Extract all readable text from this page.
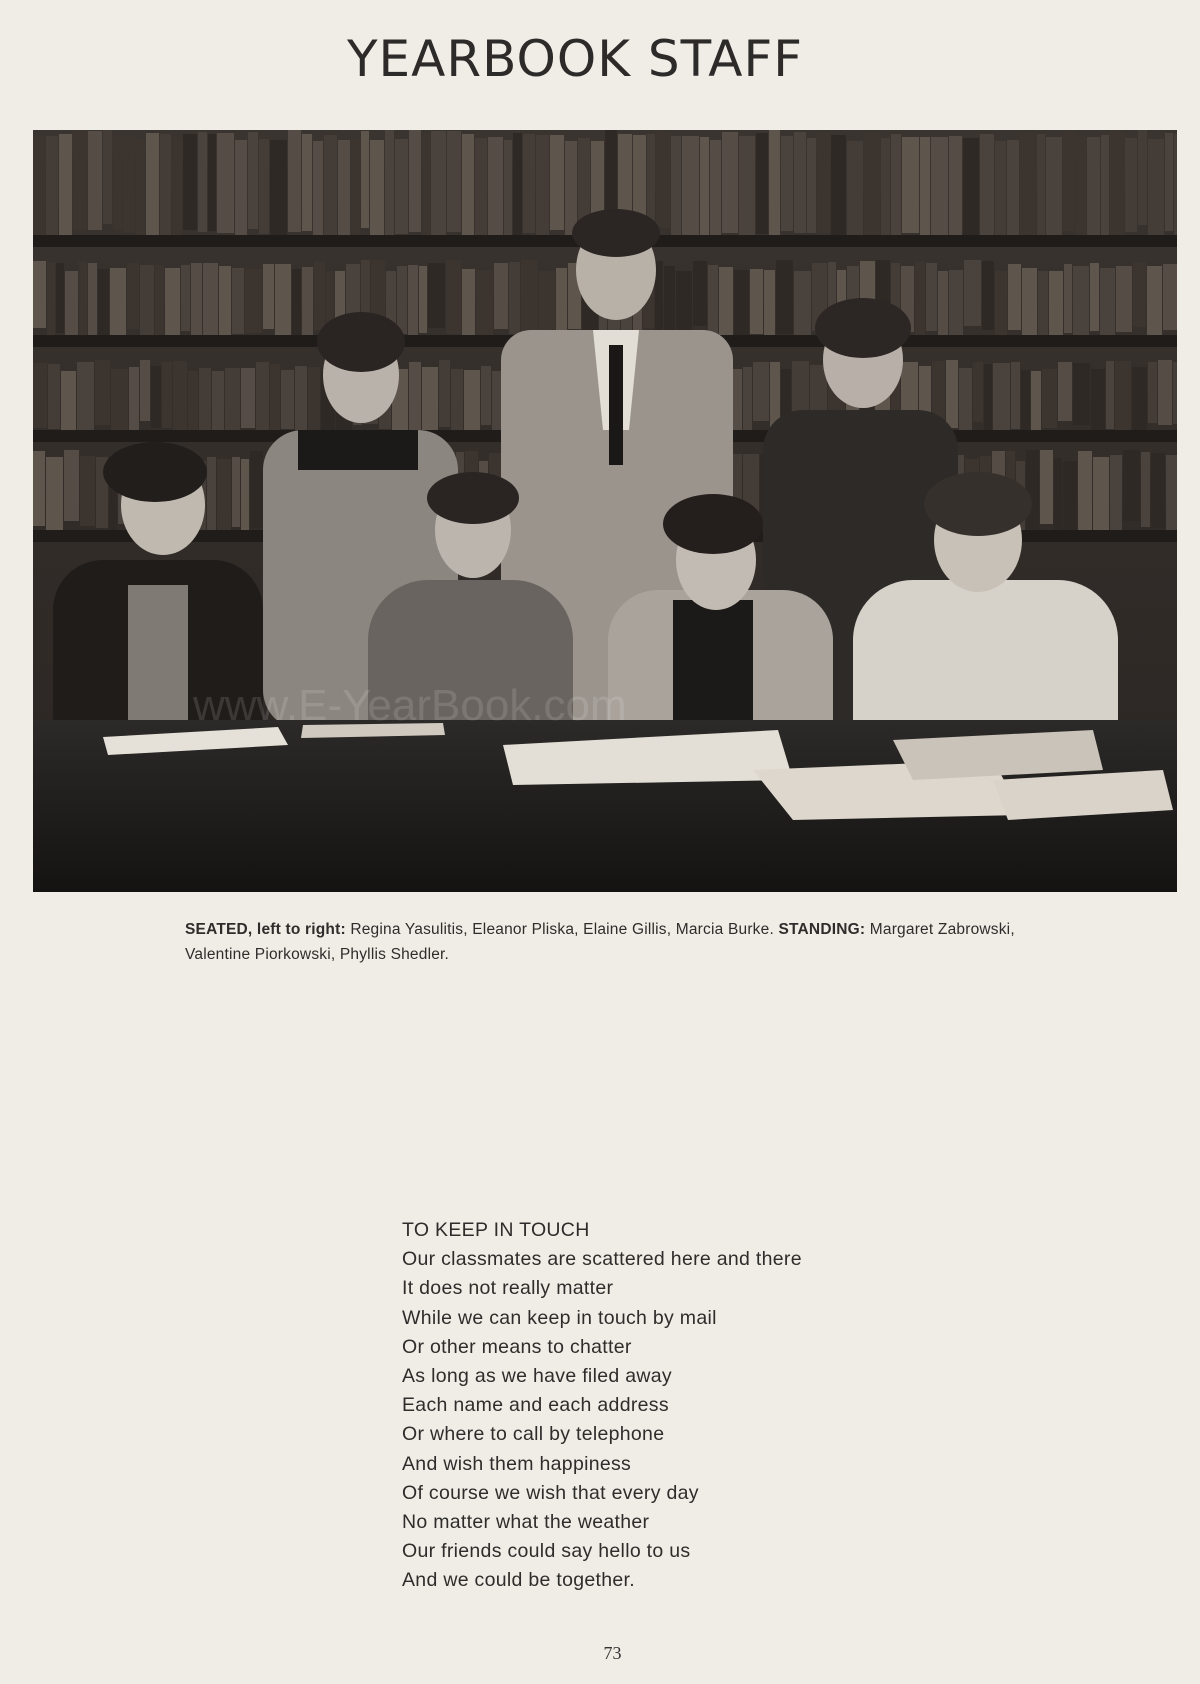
YEARBOOK STAFF
www.E-YearBook.com
SEATED, left to right: Regina Yasulitis, Eleanor Pliska, Elaine Gillis, Marcia Burke. STANDING: Margaret Zabrowski, Valentine Piorkowski, Phyllis Shedler.
TO KEEP IN TOUCH
Our classmates are scattered here and there
It does not really matter
While we can keep in touch by mail
Or other means to chatter
As long as we have filed away
Each name and each address
Or where to call by telephone
And wish them happiness
Of course we wish that every day
No matter what the weather
Our friends could say hello to us
And we could be together.
73
